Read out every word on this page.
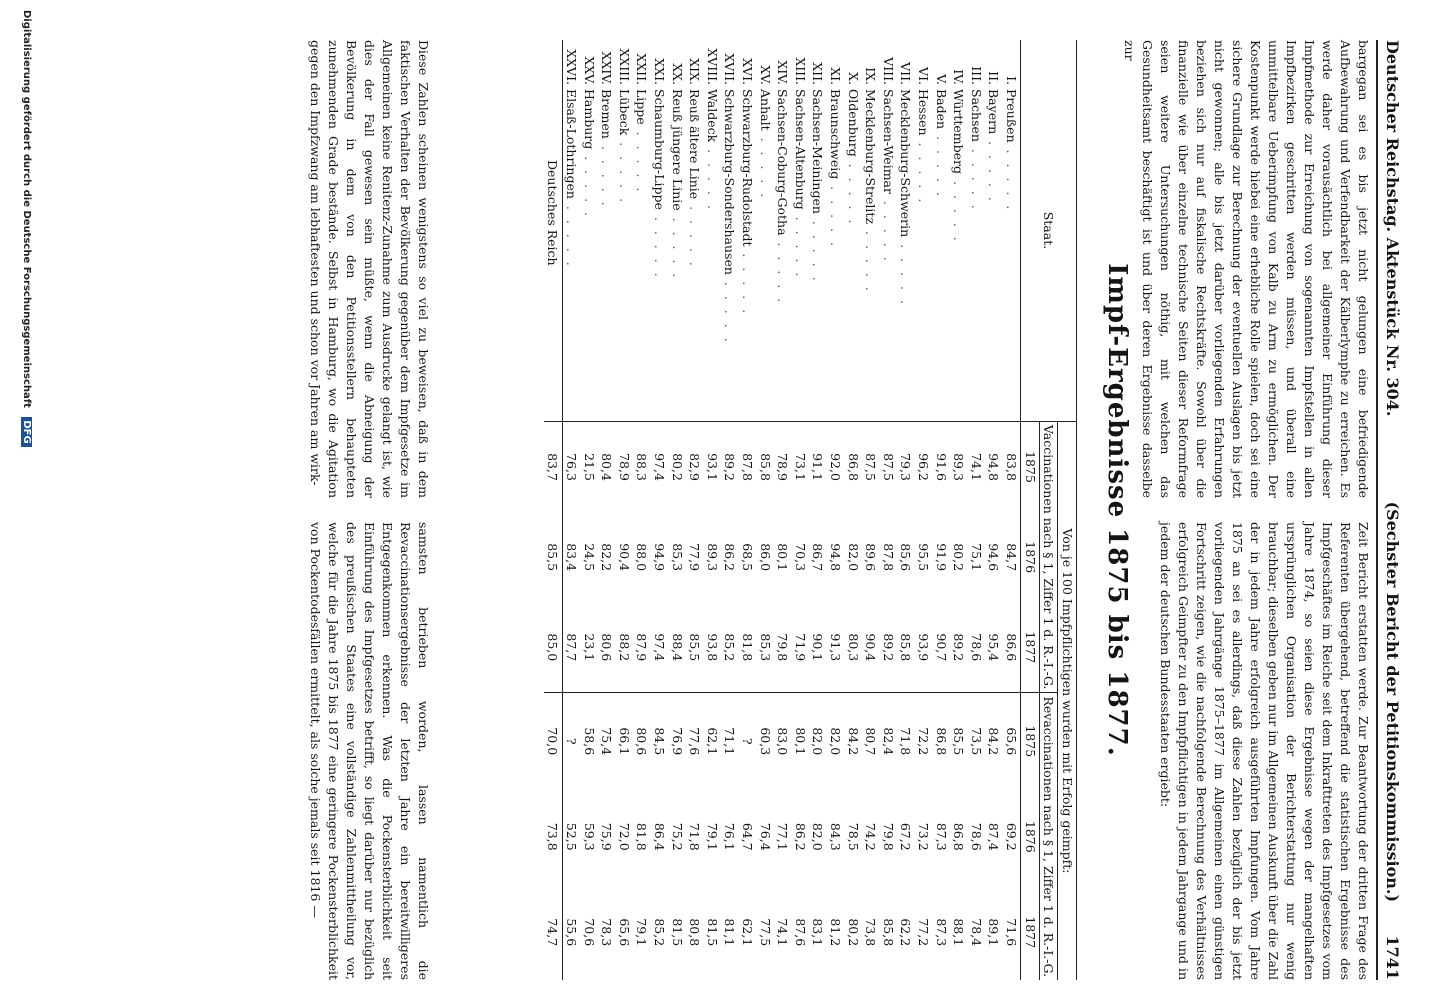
Deutscher Reichstag. Aktenstück Nr. 304.
(Sechster Bericht der Petitionskommission.)      1741

bargegan sei es bis jetzt nicht gelungen eine befriedigende Aufbewahrung und Verfendbarkeit der Kälberlymphe zu erreichen. Es werde daher vorausächtlich bei allgemeiner Einführung dieser Impfmethode zur Erreichung von sogenannten Impfstellen in allen Impfbezirken geschritten werden müssen, und überall eine unmittelbare Ueberimpfung von Kalb zu Arm zu ermöglichen. Der Kostenpunkt werde hiebei eine erhebliche Rolle spielen, doch sei eine sichere Grundlage zur Berechnung der eventuellen Auslagen bis jetzt nicht gewonnen; alle bis jetzt darüber vorliegenden Erfahrungen beziehen sich nur auf fiskalische Rechtskräfte. Sowohl über die finanzielle wie über einzelne technische Seiten dieser Reformfrage seien weitere Untersuchungen nöthig, mit welchen das Gesundheitsamt beschäftigt ist und über deren Ergebnisse dasselbe zur

Zeit Bericht erstatten werde. Zur Beantwortung der dritten Frage des Referenten übergehend, betreffend die statistischen Ergebnisse des Impfgeschäftes im Reiche seit dem Inkrafttreten des Impfgesetzes vom Jahre 1874, so seien diese Ergebnisse wegen der mangelhaften ursprünglichen Organisation der Berichterstattung nur wenig brauchbar; dieselben geben nur im Allgemeinen Auskunft über die Zahl der in jedem Jahre erfolgreich ausgeführten Impfungen. Vom Jahre 1875 an sei es allerdings, daß diese Zahlen bezüglich der bis jetzt vorliegenden Jahrgänge 1875–1877 im Allgemeinen einen günstigen Fortschritt zeigen, wie die nachfolgende Berechnung des Verhältnisses erfolgreich Geimpfter zu den Impfpflichtigen in jedem Jahrgange und in jedem der deutschen Bundesstaaten ergiebt:

Impf-Ergebnisse 1875 bis 1877.
Staat.	Von je 100 Impfpflichtigen wurden mit Erfolg geimpft:					
	Vaccinationen nach § 1, Ziffer 1 d. R.-I.-G.			Revaccinationen nach § 1, Ziffer 1 d. R.-I.-G.		
	1875	1876	1877	1875	1876	1877
I.Preußen . . . . .	83,8	84,7	86,6	65,6	69,2	71,6
II.Bayern . . . . .	94,8	94,6	95,4	84,2	87,4	89,1
III.Sachsen . . . . .	74,1	75,1	78,6	73,5	78,6	78,4
IV.Württemberg . . . . .	89,3	80,2	89,2	85,5	86,8	88,1
V.Baden . . . . .	91,6	91,9	90,7	86,8	87,3	87,3
VI.Hessen . . . . .	96,2	95,5	93,9	72,2	73,2	77,2
VII.Mecklenburg-Schwerin . . . . .	79,3	85,6	85,8	71,8	67,2	62,2
VIII.Sachsen-Weimar . . . . .	87,5	87,8	89,2	82,4	79,8	85,8
IX.Mecklenburg-Strelitz . . . . .	87,5	89,6	90,4	80,7	74,2	73,8
X.Oldenburg . . . . .	86,8	82,0	80,3	84,2	78,5	80,2
XI.Braunschweig . . . . .	92,0	94,8	91,3	82,0	84,3	81,2
XII.Sachsen-Meiningen . . . . .	91,1	86,7	90,1	82,0	82,0	83,1
XIII.Sachsen-Altenburg . . . . .	73,1	70,3	71,9	80,1	86,2	87,6
XIV.Sachsen-Coburg-Gotha . . . . .	78,9	80,1	79,8	83,0	77,1	74,1
XV.Anhalt . . . . .	85,8	86,0	85,3	60,3	76,4	77,5
XVI.Schwarzburg-Rudolstadt . . . . .	87,8	68,5	81,8	?	64,7	62,1
XVII.Schwarzburg-Sondershausen . . . . .	89,2	86,2	85,2	71,1	76,1	81,1
XVIII.Waldeck . . . . .	93,1	89,3	93,8	62,1	79,1	81,5
XIX.Reuß ältere Linie . . . . .	82,9	77,9	85,5	77,6	71,8	80,8
XX.Reuß jüngere Linie . . . . .	80,2	85,3	88,4	76,9	75,2	81,5
XXI.Schaumburg-Lippe . . . . .	97,4	94,9	97,4	84,5	86,4	85,2
XXII.Lippe . . . . .	88,3	88,0	87,9	80,6	81,8	79,1
XXIII.Lübeck . . . . .	78,9	90,4	88,2	66,1	72,0	65,6
XXIV.Bremen . . . . .	80,4	82,2	80,6	75,4	75,9	78,3
XXV.Hamburg . . . . .	21,5	24,5	23,1	58,6	59,3	70,6
XXVI.Elsaß-Lothringen . . . . .	76,3	83,4	87,7	?	52,5	55,6
Deutsches Reich	83,7	85,5	85,0	70,0	73,8	74,7

Diese Zahlen scheinen wenigstens so viel zu beweisen, daß in dem faktischen Verhalten der Bevölkerung gegenüber dem Impfgesetze im Allgemeinen keine Renitenz-Zunahme zum Ausdrucke gelangt ist, wie dies der Fall gewesen sein müßte, wenn die Abneigung der Bevölkerung in dem von den Petitionsstellern behaupteten zunehmenden Grade bestände. Selbst in Hamburg, wo die Agitation gegen den Impfzwang am lebhaftesten und schon vor Jahren am wirk-

samsten betrieben worden, lassen namentlich die Revaccinationsergebnisse der letzten Jahre ein bereitwilligeres Entgegenkommen erkennen. Was die Pockensterblichkeit seit Einführung des Impfgesetzes betrifft, so liegt darüber nur bezüglich des preußischen Staates eine vollständige Zahlenmittheilung vor, welche für die Jahre 1875 bis 1877 eine geringere Pockensterblichkeit von Pockentodesfällen ermittelt, als solche jemals seit 1816 —

Digitalisierung gefördert durch die Deutsche Forschungsgemeinschaft DFG
